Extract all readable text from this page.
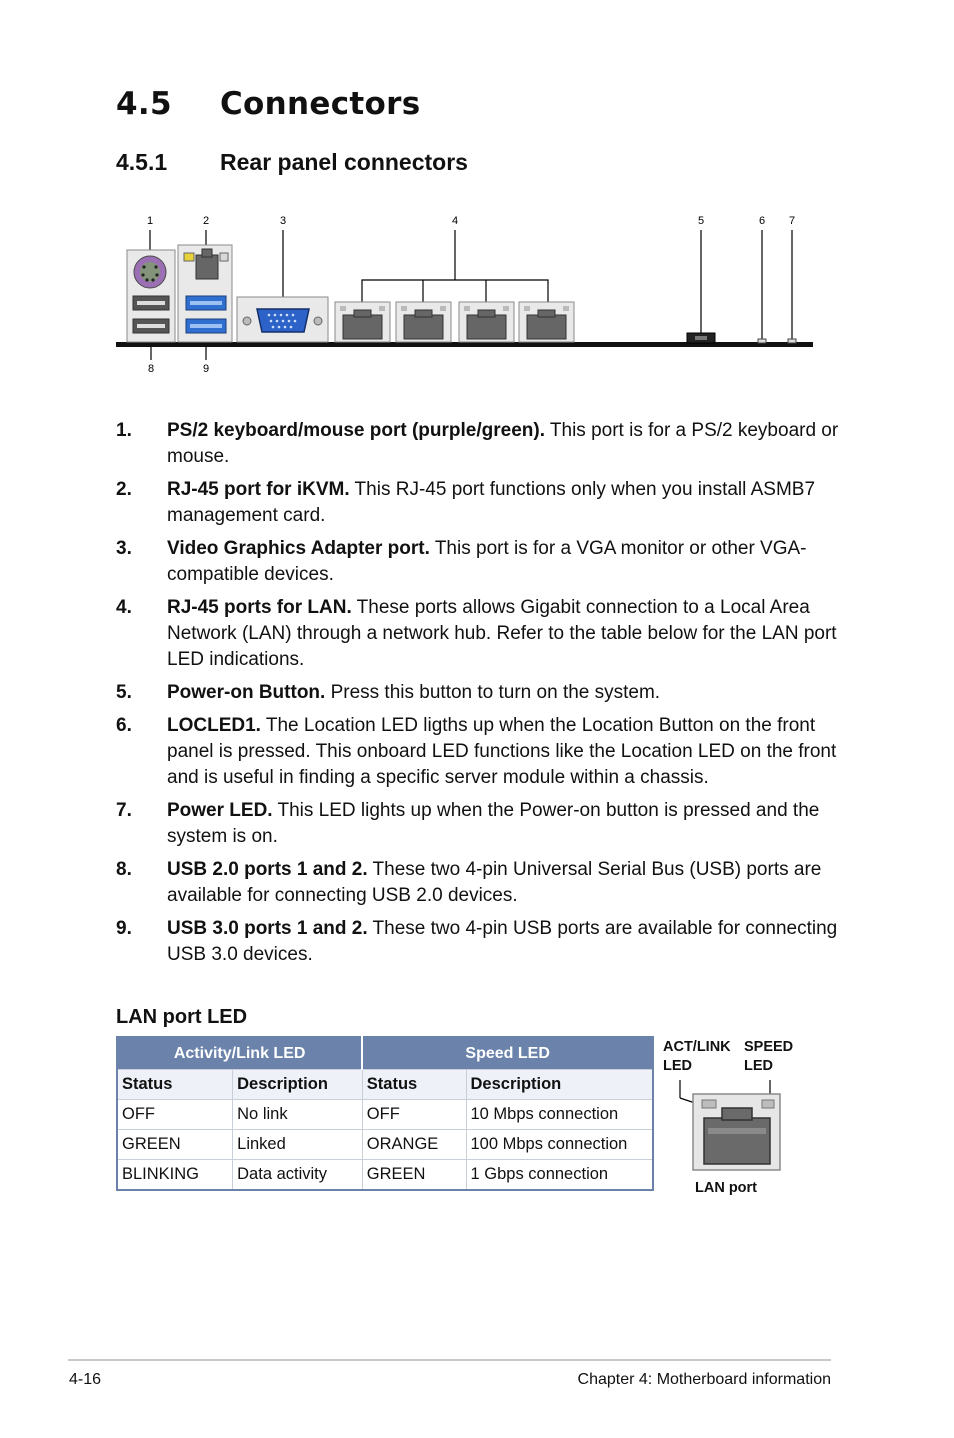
4.5 Connectors
4.5.1 Rear panel connectors
1	2	3	4	5	6 7
8	9
1.	PS/2 keyboard/mouse port (purple/green). This port is for a PS/2 keyboard or mouse.
2.	RJ-45 port for iKVM. This RJ-45 port functions only when you install ASMB7 management card.
3.	Video Graphics Adapter port. This port is for a VGA monitor or other VGA-compatible devices.
4.	RJ-45 ports for LAN. These ports allows Gigabit connection to a Local Area Network (LAN) through a network hub. Refer to the table below for the LAN port LED indications.
5.	Power-on Button. Press this button to turn on the system.
6.	LOCLED1. The Location LED ligths up when the Location Button on the front panel is pressed. This onboard LED functions like the Location LED on the front and is useful in finding a specific server module within a chassis.
7.	Power LED. This LED lights up when the Power-on button is pressed and the system is on.
8.	USB 2.0 ports 1 and 2. These two 4-pin Universal Serial Bus (USB) ports are available for connecting USB 2.0 devices.
9.	USB 3.0 ports 1 and 2. These two 4-pin USB ports are available for connecting USB 3.0 devices.
LAN port LED
Activity/Link LED		Speed LED	
Status	Description	Status	Description
OFF	No link	OFF	10 Mbps connection
GREEN	Linked	ORANGE	100 Mbps connection
BLINKING	Data activity	GREEN	1 Gbps connection
ACT/LINK
LED
SPEED
LED
LAN port
4-16	Chapter 4: Motherboard information
